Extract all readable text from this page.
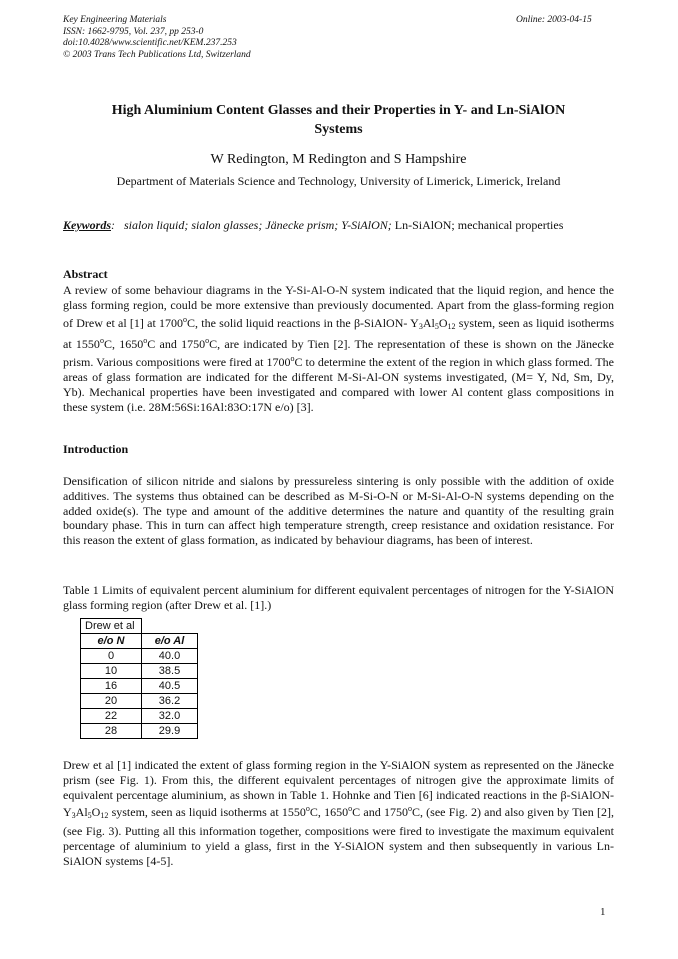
Key Engineering Materials
ISSN: 1662-9795, Vol. 237, pp 253-0
doi:10.4028/www.scientific.net/KEM.237.253
© 2003 Trans Tech Publications Ltd, Switzerland
Online: 2003-04-15
High Aluminium Content Glasses and their Properties in Y- and Ln-SiAlON
Systems
W Redington, M Redington and S Hampshire
Department of Materials Science and Technology, University of Limerick, Limerick, Ireland
Keywords: sialon liquid; sialon glasses; Jänecke prism; Y-SiAlON; Ln-SiAlON; mechanical properties
Abstract
A review of some behaviour diagrams in the Y-Si-Al-O-N system indicated that the liquid region, and hence the glass forming region, could be more extensive than previously documented. Apart from the glass-forming region of Drew et al [1] at 1700$^o$C, the solid liquid reactions in the β-SiAlON- $Y_3Al_5O_{12}$ system, seen as liquid isotherms at 1550$^o$C, 1650$^o$C and 1750$^o$C, are indicated by Tien [2]. The representation of these is shown on the Jänecke prism. Various compositions were fired at 1700$^o$C to determine the extent of the region in which glass formed. The areas of glass formation are indicated for the different M-Si-Al-ON systems investigated, (M= Y, Nd, Sm, Dy, Yb). Mechanical properties have been investigated and compared with lower Al content glass compositions in these system (i.e. 28M:56Si:16Al:83O:17N e/o) [3].
Introduction
Densification of silicon nitride and sialons by pressureless sintering is only possible with the addition of oxide additives. The systems thus obtained can be described as M-Si-O-N or M-Si-Al-O-N systems depending on the added oxide(s). The type and amount of the additive determines the nature and quantity of the resulting grain boundary phase. This in turn can affect high temperature strength, creep resistance and oxidation resistance. For this reason the extent of glass formation, as indicated by behaviour diagrams, has been of interest.
Table 1 Limits of equivalent percent aluminium for different equivalent percentages of nitrogen for the Y-SiAlON glass forming region (after Drew et al. [1].)
Drew et al	
e/o N	e/o Al
0	40.0
10	38.5
16	40.5
20	36.2
22	32.0
28	29.9
Drew et al [1] indicated the extent of glass forming region in the Y-SiAlON system as represented on the Jänecke prism (see Fig. 1). From this, the different equivalent percentages of nitrogen give the approximate limits of equivalent percentage aluminium, as shown in Table 1. Hohnke and Tien [6] indicated reactions in the $\beta-SiAlON-Y_3Al_5O_{12}$ system, seen as liquid isotherms at 1550$^o$C, 1650$^o$C and 1750$^o$C, (see Fig. 2) and also given by Tien [2], (see Fig. 3). Putting all this information together, compositions were fired to investigate the maximum equivalent percentage of aluminium to yield a glass, first in the Y-SiAlON system and then subsequently in various Ln-SiAlON systems [4-5].
1
